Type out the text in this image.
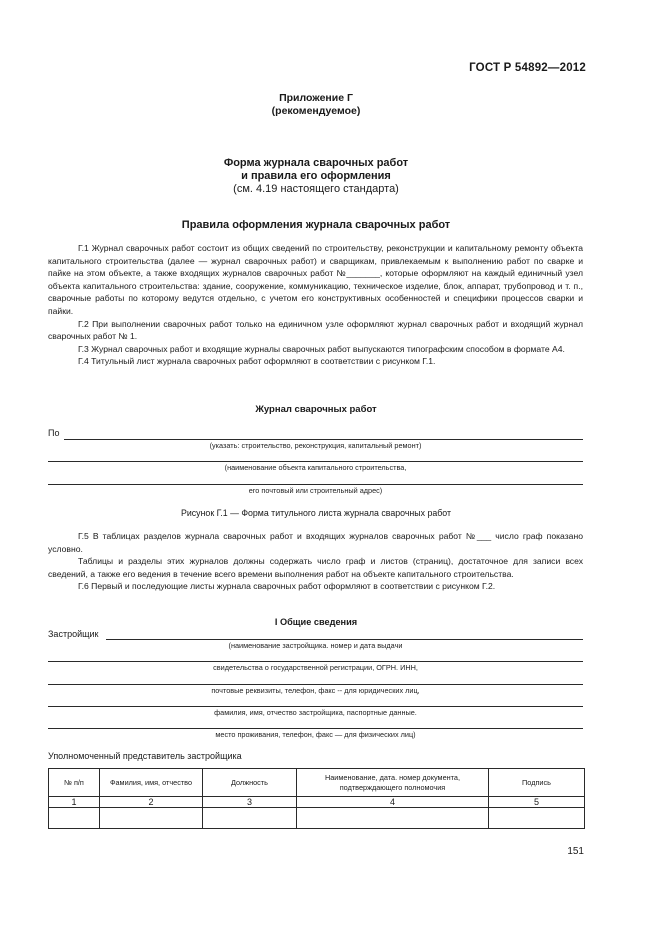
ГОСТ Р 54892—2012
Приложение Г
(рекомендуемое)
Форма журнала сварочных работ
и правила его оформления
(см. 4.19 настоящего стандарта)
Правила оформления журнала сварочных работ

Г.1 Журнал сварочных работ состоит из общих сведений по строительству, реконструкции и капитальному ремонту объекта капитального строительства (далее — журнал сварочных работ) и сварщикам, привлекаемым к выполнению работ по сварке и пайке на этом объекте, а также входящих журналов сварочных работ №_______, которые оформляют на каждый единичный узел объекта капитального строительства: здание, сооружение, коммуникацию, техническое изделие, блок, аппарат, трубопровод и т. п., сварочные работы по которому ведутся отдельно, с учетом его конструктивных особенностей и специфики процессов сварки и пайки.

Г.2 При выполнении сварочных работ только на единичном узле оформляют журнал сварочных работ и входящий журнал сварочных работ № 1.

Г.3 Журнал сварочных работ и входящие журналы сварочных работ выпускаются типографским способом в формате А4.

Г.4 Титульный лист журнала сварочных работ оформляют в соответствии с рисунком Г.1.

Журнал сварочных работ
По
(указать: строительство, реконструкция, капитальный ремонт)
(наименование объекта капитального строительства,
его почтовый или строительный адрес)
Рисунок Г.1 — Форма титульного листа журнала сварочных работ

Г.5 В таблицах разделов журнала сварочных работ и входящих журналов сварочных работ №___ число граф показано условно.

Таблицы и разделы этих журналов должны содержать число граф и листов (страниц), достаточное для записи всех сведений, а также его ведения в течение всего времени выполнения работ на объекте капитального строительства.

Г.6 Первый и последующие листы журнала сварочных работ оформляют в соответствии с рисунком Г.2.

I Общие сведения
Застройщик
(наименование застройщика. номер и дата выдачи
свидетельства о государственной регистрации, ОГРН. ИНН,
почтовые реквизиты, телефон, факс -- для юридических лиц,
фамилия, имя, отчество застройщика, паспортные данные.
место проживания, телефон, факс — для физических лиц)
Уполномоченный представитель застройщика
№ п/п	Фамилия, имя, отчество	Должность	Наименование, дата. номер документа, подтверждающего полномочия	Подпись
1	2	3	4	5

151
